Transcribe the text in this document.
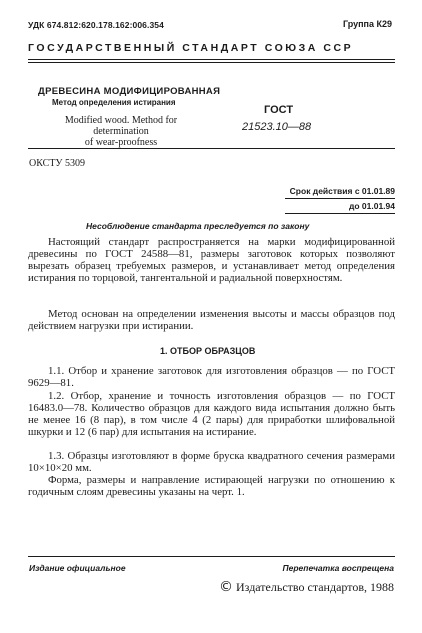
УДК 674.812:620.178.162:006.354	Группа К29
ГОСУДАРСТВЕННЫЙ СТАНДАРТ СОЮЗА ССР
ДРЕВЕСИНА МОДИФИЦИРОВАННАЯ
Метод определения истирания
Modified wood. Method for determination
of wear-proofness
ГОСТ
21523.10—88
ОКСТУ 5309
Срок действия с 01.01.89
до 01.01.94
Несоблюдение стандарта преследуется по закону
Настоящий стандарт распространяется на марки модифицированной древесины по ГОСТ 24588—81, размеры заготовок которых позволяют вырезать образец требуемых размеров, и устанавливает метод определения истирания по торцовой, тангентальной и радиальной поверхностям.
Метод основан на определении изменения высоты и массы образцов под действием нагрузки при истирании.
1. ОТБОР ОБРАЗЦОВ
1.1. Отбор и хранение заготовок для изготовления образцов — по ГОСТ 9629—81.
1.2. Отбор, хранение и точность изготовления образцов — по ГОСТ 16483.0—78. Количество образцов для каждого вида испытания должно быть не менее 16 (8 пар), в том числе 4 (2 пары) для приработки шлифовальной шкурки и 12 (6 пар) для испытания на истирание.
1.3. Образцы изготовляют в форме бруска квадратного сечения размерами 10×10×20 мм.
Форма, размеры и направление истирающей нагрузки по отношению к годичным слоям древесины указаны на черт. 1.
Издание официальное	Перепечатка воспрещена
© Издательство стандартов, 1988
